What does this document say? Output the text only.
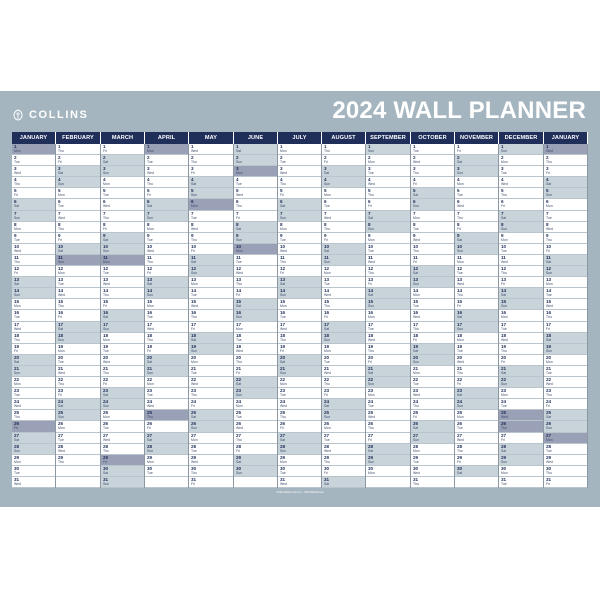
COLLINS	2024 WALL PLANNER
JANUARY
1
Mon
2
Tue
3
Wed
4
Thu
5
Fri
6
Sat
7
Sun
8
Mon
9
Tue
10
Wed
11
Thu
12
Fri
13
Sat
14
Sun
15
Mon
16
Tue
17
Wed
18
Thu
19
Fri
20
Sat
21
Sun
22
Mon
23
Tue
24
Wed
25
Thu
26
Fri
27
Sat
28
Sun
29
Mon
30
Tue
31
Wed
FEBRUARY
1
Thu
2
Fri
3
Sat
4
Sun
5
Mon
6
Tue
7
Wed
8
Thu
9
Fri
10
Sat
11
Sun
12
Mon
13
Tue
14
Wed
15
Thu
16
Fri
17
Sat
18
Sun
19
Mon
20
Tue
21
Wed
22
Thu
23
Fri
24
Sat
25
Sun
26
Mon
27
Tue
28
Wed
29
Thu
MARCH
1
Fri
2
Sat
3
Sun
4
Mon
5
Tue
6
Wed
7
Thu
8
Fri
9
Sat
10
Sun
11
Mon
12
Tue
13
Wed
14
Thu
15
Fri
16
Sat
17
Sun
18
Mon
19
Tue
20
Wed
21
Thu
22
Fri
23
Sat
24
Sun
25
Mon
26
Tue
27
Wed
28
Thu
29
Fri
30
Sat
31
Sun
APRIL
1
Mon
2
Tue
3
Wed
4
Thu
5
Fri
6
Sat
7
Sun
8
Mon
9
Tue
10
Wed
11
Thu
12
Fri
13
Sat
14
Sun
15
Mon
16
Tue
17
Wed
18
Thu
19
Fri
20
Sat
21
Sun
22
Mon
23
Tue
24
Wed
25
Thu
26
Fri
27
Sat
28
Sun
29
Mon
30
Tue
MAY
1
Wed
2
Thu
3
Fri
4
Sat
5
Sun
6
Mon
7
Tue
8
Wed
9
Thu
10
Fri
11
Sat
12
Sun
13
Mon
14
Tue
15
Wed
16
Thu
17
Fri
18
Sat
19
Sun
20
Mon
21
Tue
22
Wed
23
Thu
24
Fri
25
Sat
26
Sun
27
Mon
28
Tue
29
Wed
30
Thu
31
Fri
JUNE
1
Sat
2
Sun
3
Mon
4
Tue
5
Wed
6
Thu
7
Fri
8
Sat
9
Sun
10
Mon
11
Tue
12
Wed
13
Thu
14
Fri
15
Sat
16
Sun
17
Mon
18
Tue
19
Wed
20
Thu
21
Fri
22
Sat
23
Sun
24
Mon
25
Tue
26
Wed
27
Thu
28
Fri
29
Sat
30
Sun
JULY
1
Mon
2
Tue
3
Wed
4
Thu
5
Fri
6
Sat
7
Sun
8
Mon
9
Tue
10
Wed
11
Thu
12
Fri
13
Sat
14
Sun
15
Mon
16
Tue
17
Wed
18
Thu
19
Fri
20
Sat
21
Sun
22
Mon
23
Tue
24
Wed
25
Thu
26
Fri
27
Sat
28
Sun
29
Mon
30
Tue
31
Wed
AUGUST
1
Thu
2
Fri
3
Sat
4
Sun
5
Mon
6
Tue
7
Wed
8
Thu
9
Fri
10
Sat
11
Sun
12
Mon
13
Tue
14
Wed
15
Thu
16
Fri
17
Sat
18
Sun
19
Mon
20
Tue
21
Wed
22
Thu
23
Fri
24
Sat
25
Sun
26
Mon
27
Tue
28
Wed
29
Thu
30
Fri
31
Sat
SEPTEMBER
1
Sun
2
Mon
3
Tue
4
Wed
5
Thu
6
Fri
7
Sat
8
Sun
9
Mon
10
Tue
11
Wed
12
Thu
13
Fri
14
Sat
15
Sun
16
Mon
17
Tue
18
Wed
19
Thu
20
Fri
21
Sat
22
Sun
23
Mon
24
Tue
25
Wed
26
Thu
27
Fri
28
Sat
29
Sun
30
Mon
OCTOBER
1
Tue
2
Wed
3
Thu
4
Fri
5
Sat
6
Sun
7
Mon
8
Tue
9
Wed
10
Thu
11
Fri
12
Sat
13
Sun
14
Mon
15
Tue
16
Wed
17
Thu
18
Fri
19
Sat
20
Sun
21
Mon
22
Tue
23
Wed
24
Thu
25
Fri
26
Sat
27
Sun
28
Mon
29
Tue
30
Wed
31
Thu
NOVEMBER
1
Fri
2
Sat
3
Sun
4
Mon
5
Tue
6
Wed
7
Thu
8
Fri
9
Sat
10
Sun
11
Mon
12
Tue
13
Wed
14
Thu
15
Fri
16
Sat
17
Sun
18
Mon
19
Tue
20
Wed
21
Thu
22
Fri
23
Sat
24
Sun
25
Mon
26
Tue
27
Wed
28
Thu
29
Fri
30
Sat
DECEMBER
1
Sun
2
Mon
3
Tue
4
Wed
5
Thu
6
Fri
7
Sat
8
Sun
9
Mon
10
Tue
11
Wed
12
Thu
13
Fri
14
Sat
15
Sun
16
Mon
17
Tue
18
Wed
19
Thu
20
Fri
21
Sat
22
Sun
23
Mon
24
Tue
25
Wed
26
Thu
27
Fri
28
Sat
29
Sun
30
Mon
31
Tue
JANUARY
1
Wed
2
Thu
3
Fri
4
Sat
5
Sun
6
Mon
7
Tue
8
Wed
9
Thu
10
Fri
11
Sat
12
Sun
13
Mon
14
Tue
15
Wed
16
Thu
17
Fri
18
Sat
19
Sun
20
Mon
21
Tue
22
Wed
23
Thu
24
Fri
25
Sat
26
Sun
27
Mon
28
Tue
29
Wed
30
Thu
31
Fri
Collins Debden Pty Ltd — 2024 Wall Planner
